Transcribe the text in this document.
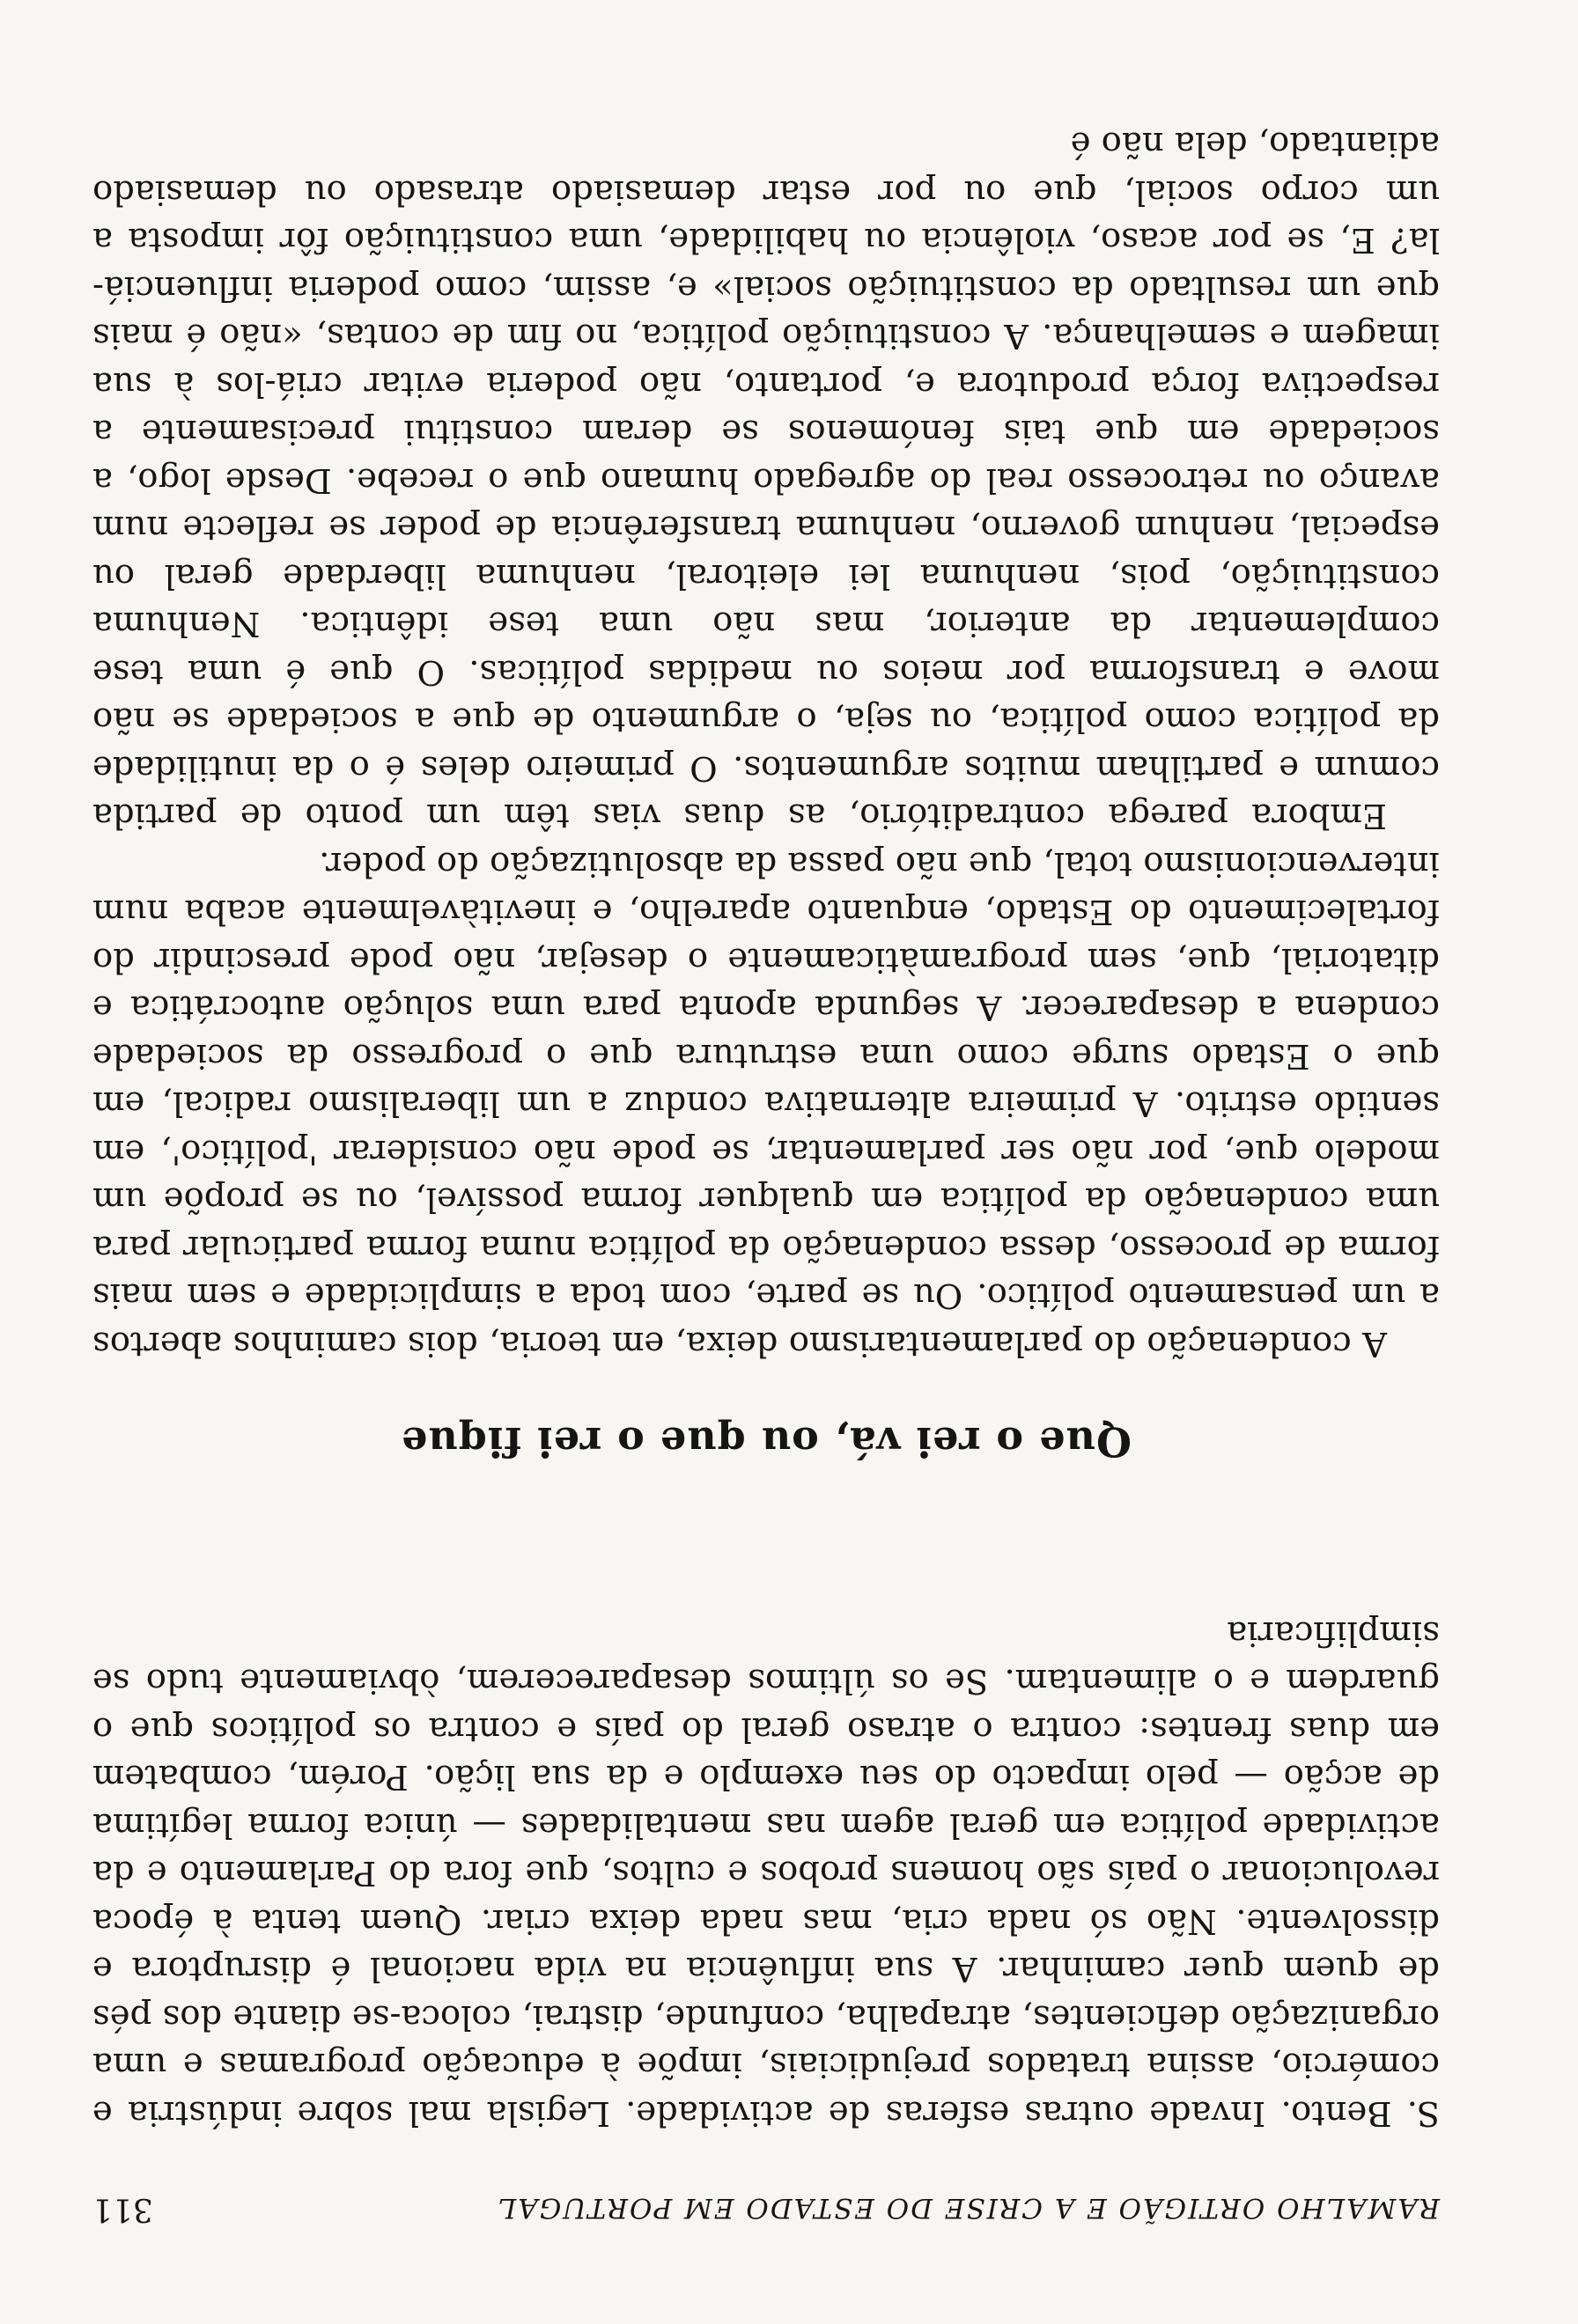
RAMALHO ORTIGÃO E A CRISE DO ESTADO EM PORTUGAL
311

S. Bento. Invade outras esferas de actividade. Legisla mal sobre indústria e comércio, assina tratados prejudiciais, impõe à educação programas e uma organização deficientes, atrapalha, confunde, distrai, coloca-se diante dos pés de quem quer caminhar. A sua influência na vida nacional é disruptora e dissolvente. Não só nada cria, mas nada deixa criar. Quem tenta à época revolucionar o país são homens probos e cultos, que fora do Parlamento e da actividade política em geral agem nas mentalidades — única forma legítima de acção — pelo impacto do seu exemplo e da sua lição. Porém, combatem em duas frentes: contra o atraso geral do país e contra os políticos que o guardem e o alimentam. Se os últimos desaparecerem, òbviamente tudo se simplificaria

Que o rei vá, ou que o rei fique

A condenação do parlamentarismo deixa, em teoria, dois caminhos abertos a um pensamento político. Ou se parte, com toda a simplicidade e sem mais forma de processo, dessa condenação da política numa forma particular para uma condenação da política em qualquer forma possível, ou se propõe um modelo que, por não ser parlamentar, se pode não considerar 'político', em sentido estrito. A primeira alternativa conduz a um liberalismo radical, em que o Estado surge como uma estrutura que o progresso da sociedade condena a desaparecer. A segunda aponta para uma solução autocrática e ditatorial, que, sem programàticamente o desejar, não pode prescindir do fortalecimento do Estado, enquanto aparelho, e inevitàvelmente acaba num intervencionismo total, que não passa da absolutização do poder.

Embora parega contraditório, as duas vias têm um ponto de partida comum e partilham muitos argumentos. O primeiro deles é o da inutilidade da política como política, ou seja, o argumento de que a sociedade se não move e transforma por meios ou medidas políticas. O que é uma tese complementar da anterior, mas não uma tese idêntica. Nenhuma constituição, pois, nenhuma lei eleitoral, nenhuma liberdade geral ou especial, nenhum governo, nenhuma transferência de poder se reflecte num avanço ou retrocesso real do agregado humano que o recebe. Desde logo, a sociedade em que tais fenómenos se deram constitui precisamente a respectiva força produtora e, portanto, não poderia evitar criá-los à sua imagem e semelhança. A constituição política, no fim de contas, «não é mais que um resultado da constituição social» e, assim, como poderia influenciá-la? E, se por acaso, violência ou habilidade, uma constituição fôr imposta a um corpo social, que ou por estar demasiado atrasado ou demasiado adiantado, dela não é
